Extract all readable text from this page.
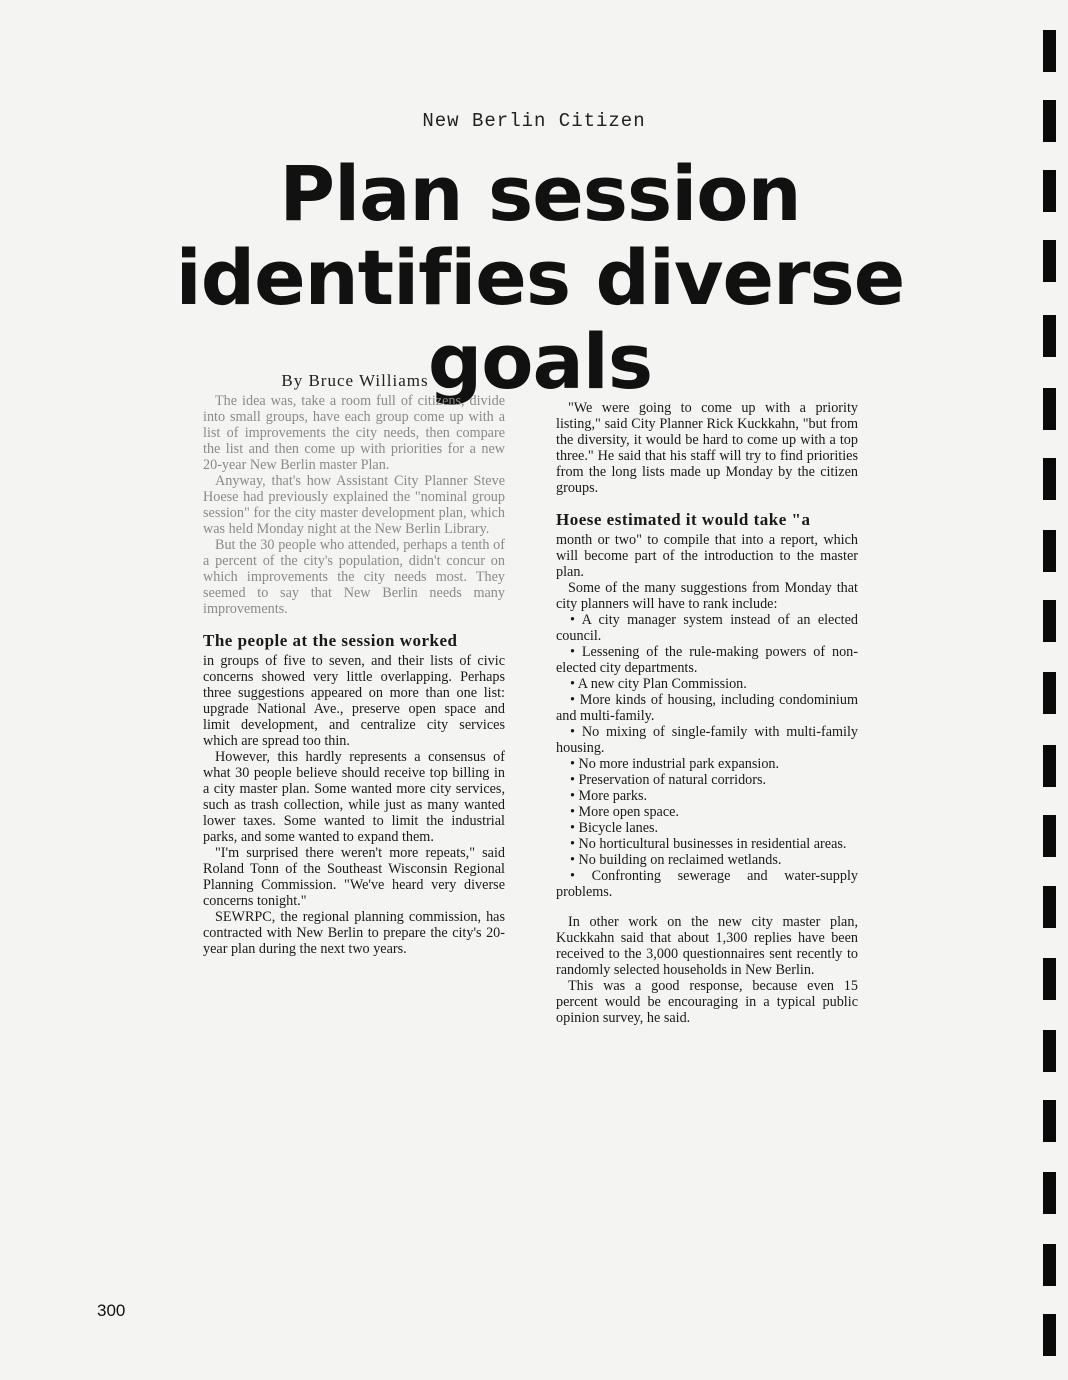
New Berlin Citizen
Plan session identifies diverse goals
By Bruce Williams

The idea was, take a room full of citizens, divide into small groups, have each group come up with a list of improvements the city needs, then compare the list and then come up with priorities for a new 20-year New Berlin master Plan.

Anyway, that's how Assistant City Planner Steve Hoese had previously explained the "nominal group session" for the city master development plan, which was held Monday night at the New Berlin Library.

But the 30 people who attended, perhaps a tenth of a percent of the city's population, didn't concur on which improvements the city needs most. They seemed to say that New Berlin needs many improvements.

The people at the session worked

in groups of five to seven, and their lists of civic concerns showed very little overlapping. Perhaps three suggestions appeared on more than one list: upgrade National Ave., preserve open space and limit development, and centralize city services which are spread too thin.

However, this hardly represents a consensus of what 30 people believe should receive top billing in a city master plan. Some wanted more city services, such as trash collection, while just as many wanted lower taxes. Some wanted to limit the industrial parks, and some wanted to expand them.

"I'm surprised there weren't more repeats," said Roland Tonn of the Southeast Wisconsin Regional Planning Commission. "We've heard very diverse concerns tonight."

SEWRPC, the regional planning commission, has contracted with New Berlin to prepare the city's 20-year plan during the next two years.

"We were going to come up with a priority listing," said City Planner Rick Kuckkahn, "but from the diversity, it would be hard to come up with a top three." He said that his staff will try to find priorities from the long lists made up Monday by the citizen groups.

Hoese estimated it would take "a

month or two" to compile that into a report, which will become part of the introduction to the master plan.

Some of the many suggestions from Monday that city planners will have to rank include:

• A city manager system instead of an elected council.
• Lessening of the rule-making powers of non-elected city departments.
• A new city Plan Commission.
• More kinds of housing, including condominium and multi-family.
• No mixing of single-family with multi-family housing.
• No more industrial park expansion.
• Preservation of natural corridors.
• More parks.
• More open space.
• Bicycle lanes.
• No horticultural businesses in residential areas.
• No building on reclaimed wetlands.
• Confronting sewerage and water-supply problems.

In other work on the new city master plan, Kuckkahn said that about 1,300 replies have been received to the 3,000 questionnaires sent recently to randomly selected households in New Berlin.

This was a good response, because even 15 percent would be encouraging in a typical public opinion survey, he said.

300
